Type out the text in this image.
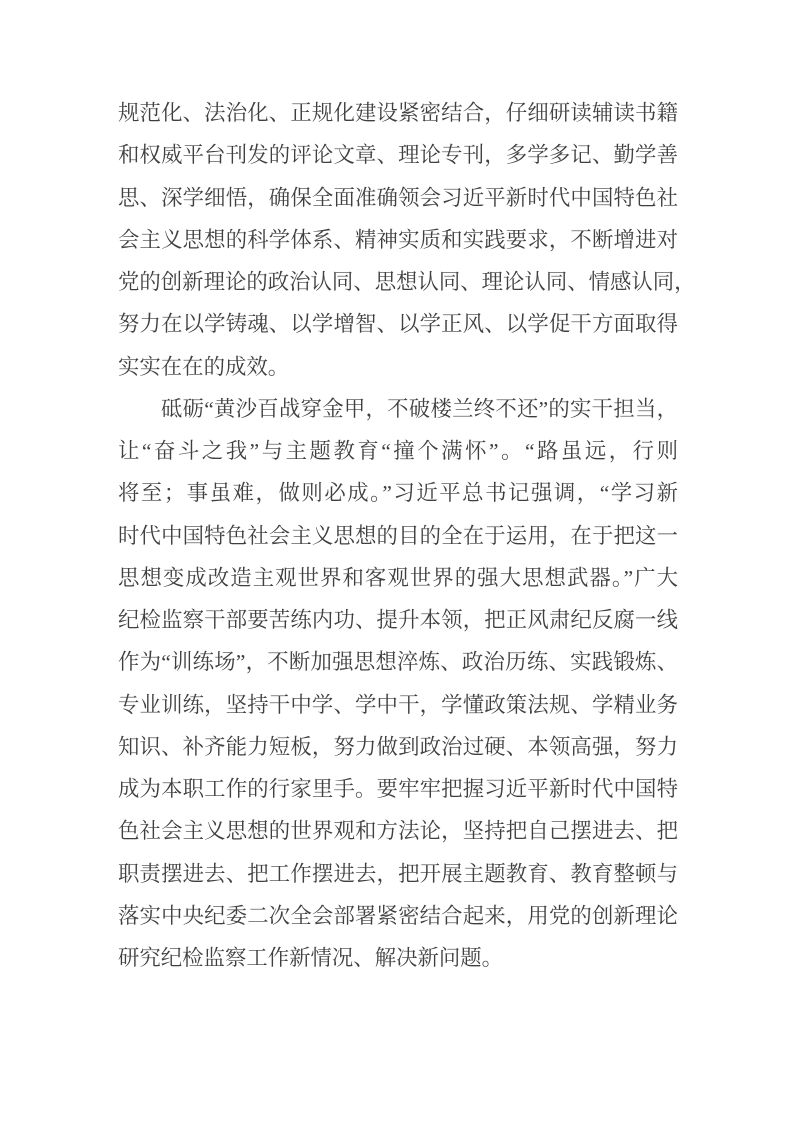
规范化、法治化、正规化建设紧密结合，仔细研读辅读书籍
和权威平台刊发的评论文章、理论专刊，多学多记、勤学善
思、深学细悟，确保全面准确领会习近平新时代中国特色社
会主义思想的科学体系、精神实质和实践要求，不断增进对
党的创新理论的政治认同、思想认同、理论认同、情感认同，
努力在以学铸魂、以学增智、以学正风、以学促干方面取得
实实在在的成效。
砥砺“黄沙百战穿金甲，不破楼兰终不还”的实干担当，
让“奋斗之我”与主题教育“撞个满怀”。“路虽远，行则
将至；事虽难，做则必成。”习近平总书记强调，“学习新
时代中国特色社会主义思想的目的全在于运用，在于把这一
思想变成改造主观世界和客观世界的强大思想武器。”广大
纪检监察干部要苦练内功、提升本领，把正风肃纪反腐一线
作为“训练场”，不断加强思想淬炼、政治历练、实践锻炼、
专业训练，坚持干中学、学中干，学懂政策法规、学精业务
知识、补齐能力短板，努力做到政治过硬、本领高强，努力
成为本职工作的行家里手。要牢牢把握习近平新时代中国特
色社会主义思想的世界观和方法论，坚持把自己摆进去、把
职责摆进去、把工作摆进去，把开展主题教育、教育整顿与
落实中央纪委二次全会部署紧密结合起来，用党的创新理论
研究纪检监察工作新情况、解决新问题。
